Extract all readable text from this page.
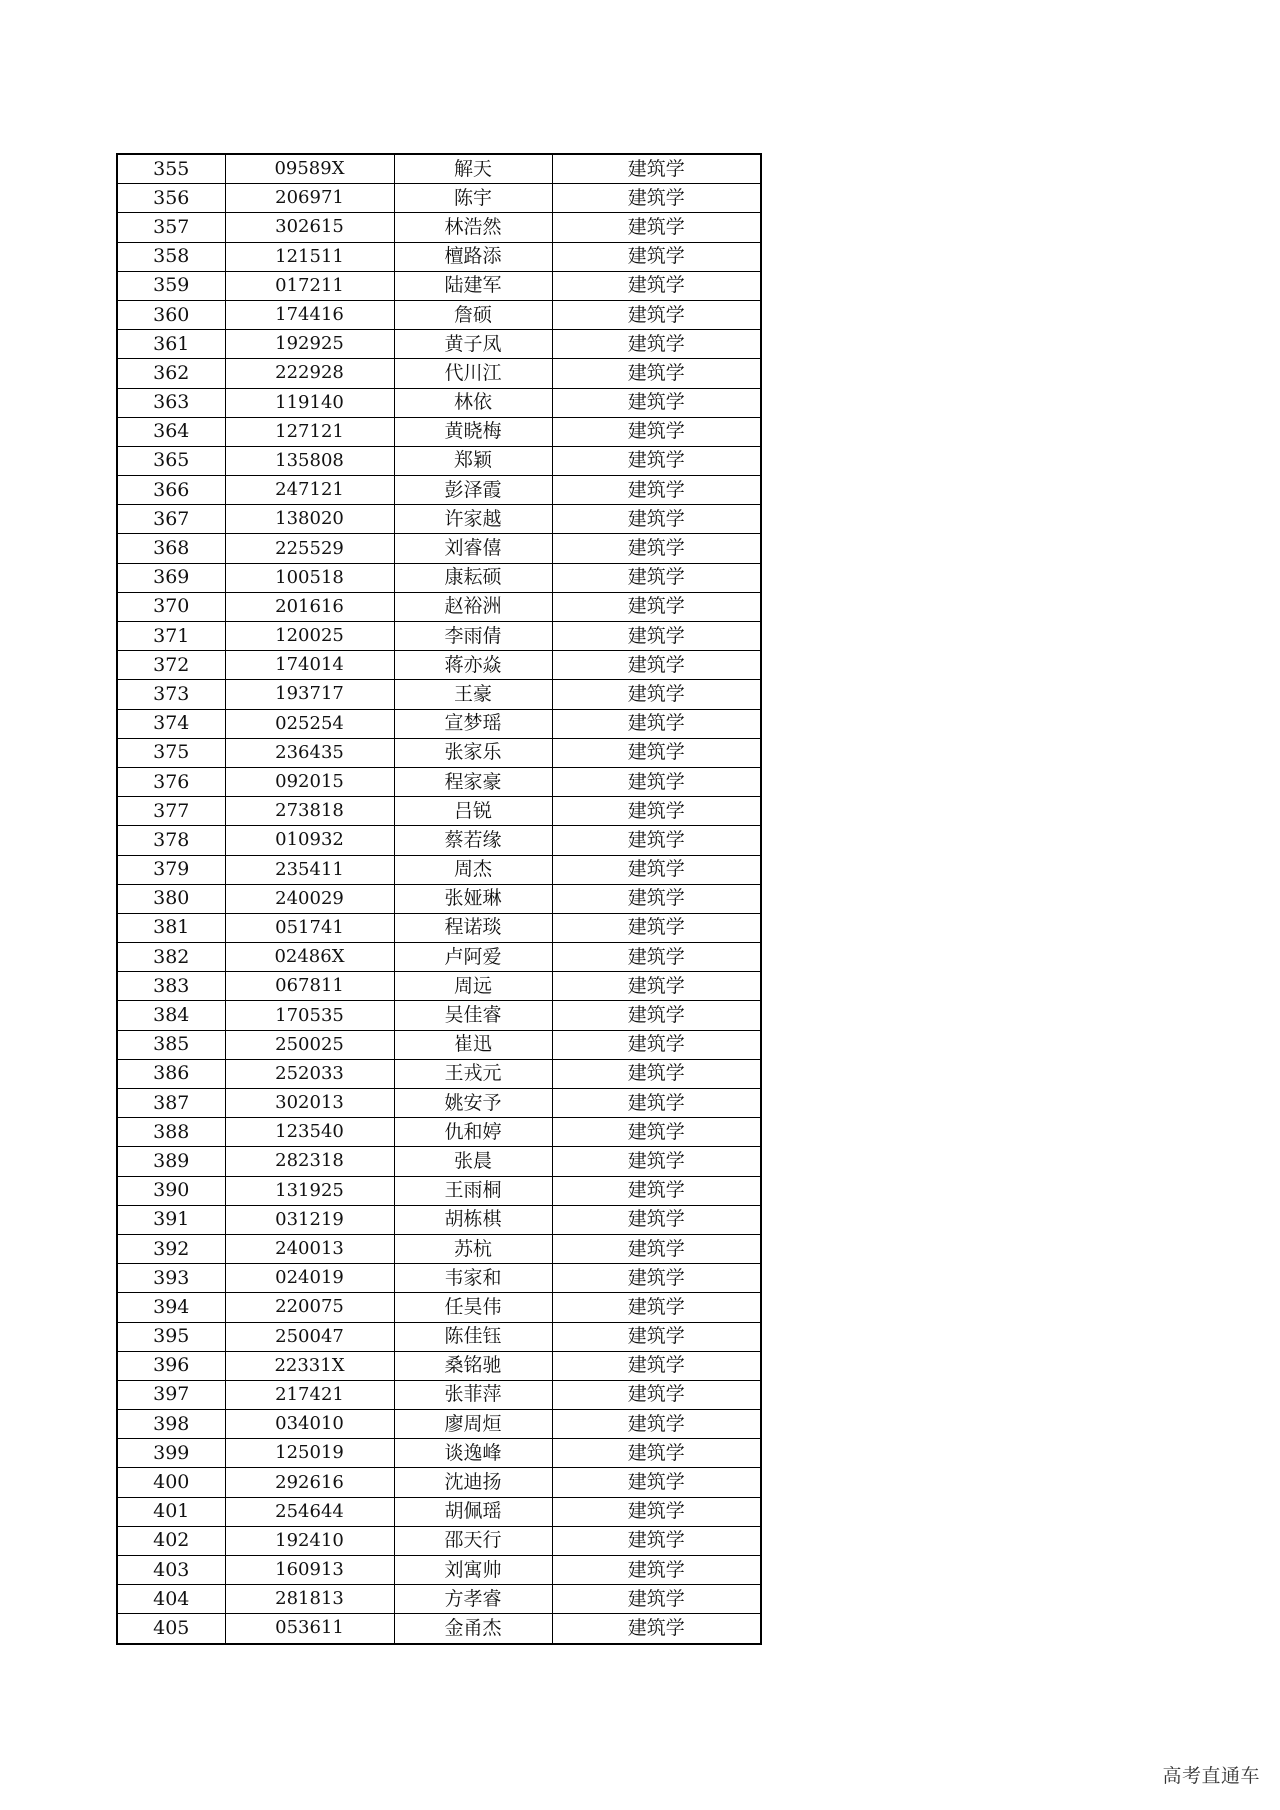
355	09589X	解天	建筑学
356	206971	陈宇	建筑学
357	302615	林浩然	建筑学
358	121511	檀路添	建筑学
359	017211	陆建军	建筑学
360	174416	詹硕	建筑学
361	192925	黄子凤	建筑学
362	222928	代川江	建筑学
363	119140	林依	建筑学
364	127121	黄晓梅	建筑学
365	135808	郑颖	建筑学
366	247121	彭泽霞	建筑学
367	138020	许家越	建筑学
368	225529	刘睿僖	建筑学
369	100518	康耘硕	建筑学
370	201616	赵裕洲	建筑学
371	120025	李雨倩	建筑学
372	174014	蒋亦焱	建筑学
373	193717	王豪	建筑学
374	025254	宣梦瑶	建筑学
375	236435	张家乐	建筑学
376	092015	程家豪	建筑学
377	273818	吕锐	建筑学
378	010932	蔡若缘	建筑学
379	235411	周杰	建筑学
380	240029	张娅琳	建筑学
381	051741	程诺琰	建筑学
382	02486X	卢阿爱	建筑学
383	067811	周远	建筑学
384	170535	吴佳睿	建筑学
385	250025	崔迅	建筑学
386	252033	王戎元	建筑学
387	302013	姚安予	建筑学
388	123540	仇和婷	建筑学
389	282318	张晨	建筑学
390	131925	王雨桐	建筑学
391	031219	胡栋棋	建筑学
392	240013	苏杭	建筑学
393	024019	韦家和	建筑学
394	220075	任昊伟	建筑学
395	250047	陈佳钰	建筑学
396	22331X	桑铭驰	建筑学
397	217421	张菲萍	建筑学
398	034010	廖周烜	建筑学
399	125019	谈逸峰	建筑学
400	292616	沈迪扬	建筑学
401	254644	胡佩瑶	建筑学
402	192410	邵天行	建筑学
403	160913	刘寓帅	建筑学
404	281813	方孝睿	建筑学
405	053611	金甬杰	建筑学
高考直通车
